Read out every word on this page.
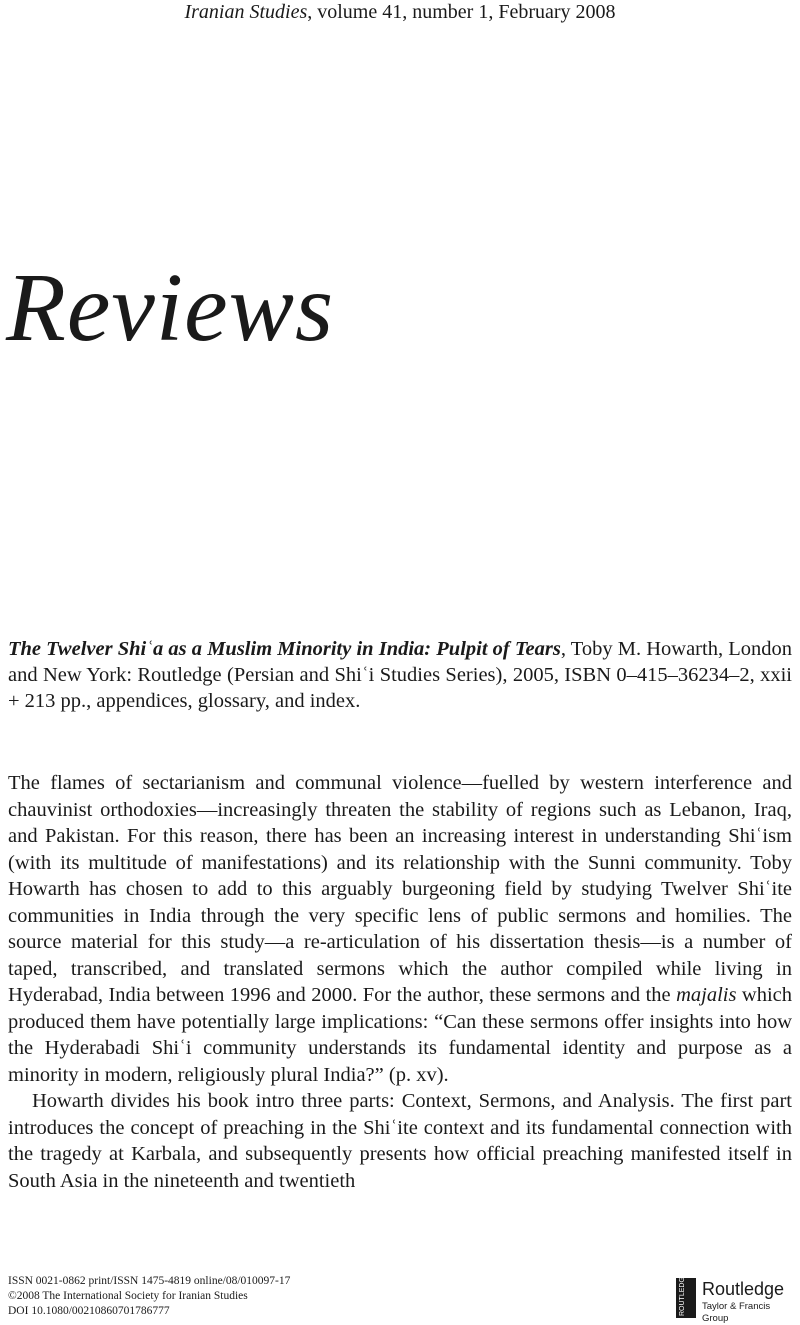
Iranian Studies, volume 41, number 1, February 2008
Reviews
The Twelver Shiʿa as a Muslim Minority in India: Pulpit of Tears, Toby M. Howarth, London and New York: Routledge (Persian and Shiʿi Studies Series), 2005, ISBN 0–415–36234–2, xxii + 213 pp., appendices, glossary, and index.

The flames of sectarianism and communal violence—fuelled by western interference and chauvinist orthodoxies—increasingly threaten the stability of regions such as Lebanon, Iraq, and Pakistan. For this reason, there has been an increasing interest in understanding Shiʿism (with its multitude of manifestations) and its relationship with the Sunni community. Toby Howarth has chosen to add to this arguably burgeoning field by studying Twelver Shiʿite communities in India through the very specific lens of public sermons and homilies. The source material for this study—a re-articulation of his dissertation thesis—is a number of taped, transcribed, and translated sermons which the author compiled while living in Hyderabad, India between 1996 and 2000. For the author, these sermons and the majalis which produced them have potentially large implications: “Can these sermons offer insights into how the Hyderabadi Shiʿi community understands its fundamental identity and purpose as a minority in modern, religiously plural India?” (p. xv).

Howarth divides his book intro three parts: Context, Sermons, and Analysis. The first part introduces the concept of preaching in the Shiʿite context and its fundamental connection with the tragedy at Karbala, and subsequently presents how official preaching manifested itself in South Asia in the nineteenth and twentieth

ISSN 0021-0862 print/ISSN 1475-4819 online/08/010097-17
©2008 The International Society for Iranian Studies
DOI 10.1080/00210860701786777	ROUTLEDGE Routledge
Taylor & Francis Group
